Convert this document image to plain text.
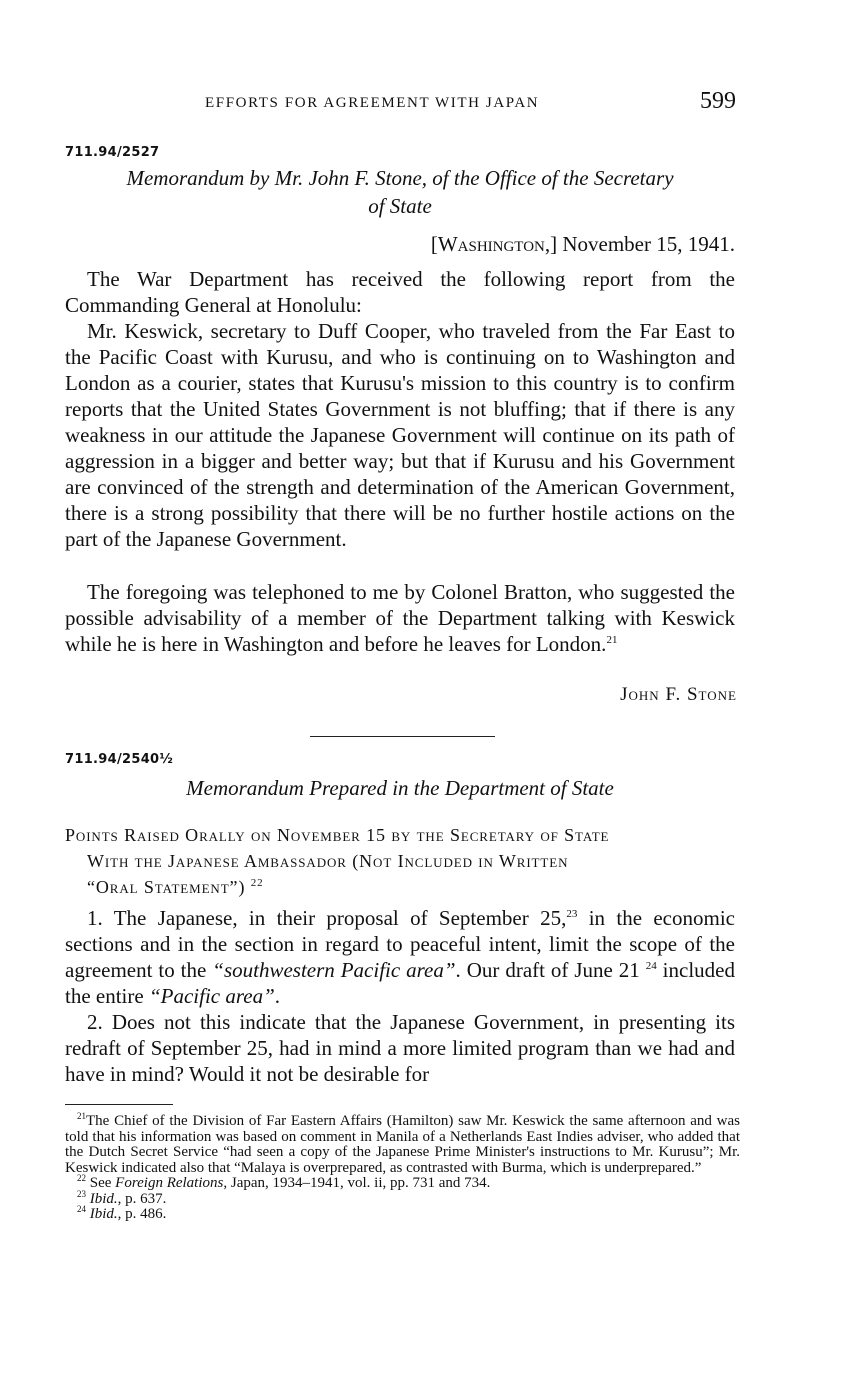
EFFORTS FOR AGREEMENT WITH JAPAN	599
711.94/2527
Memorandum by Mr. John F. Stone, of the Office of the Secretary
of State
[Washington,] November 15, 1941.

The War Department has received the following report from the Commanding General at Honolulu:

Mr. Keswick, secretary to Duff Cooper, who traveled from the Far East to the Pacific Coast with Kurusu, and who is continuing on to Washington and London as a courier, states that Kurusu's mission to this country is to confirm reports that the United States Government is not bluffing; that if there is any weakness in our attitude the Japanese Government will continue on its path of aggression in a bigger and better way; but that if Kurusu and his Government are convinced of the strength and determination of the American Government, there is a strong possibility that there will be no further hostile actions on the part of the Japanese Government.

The foregoing was telephoned to me by Colonel Bratton, who suggested the possible advisability of a member of the Department talking with Keswick while he is here in Washington and before he leaves for London.$^{21}$

John F. Stone
711.94/2540½
Memorandum Prepared in the Department of State
Points Raised Orally on November 15 by the Secretary of State
With the Japanese Ambassador (Not Included in Written
“Oral Statement”) $^{22}$

1. The Japanese, in their proposal of September 25,23 in the economic sections and in the section in regard to peaceful intent, limit the scope of the agreement to the “southwestern Pacific area”. Our draft of June 21 $^{24}$ included the entire “Pacific area”.

2. Does not this indicate that the Japanese Government, in presenting its redraft of September 25, had in mind a more limited program than we had and have in mind? Would it not be desirable for

$^{21}$The Chief of the Division of Far Eastern Affairs (Hamilton) saw Mr. Keswick the same afternoon and was told that his information was based on comment in Manila of a Netherlands East Indies adviser, who added that the Dutch Secret Service “had seen a copy of the Japanese Prime Minister's instructions to Mr. Kurusu”; Mr. Keswick indicated also that “Malaya is overprepared, as contrasted with Burma, which is underprepared.”

$^{22}$ See Foreign Relations, Japan, 1934–1941, vol. ii, pp. 731 and 734.

$^{23}$ Ibid., p. 637.

$^{24}$ Ibid., p. 486.
